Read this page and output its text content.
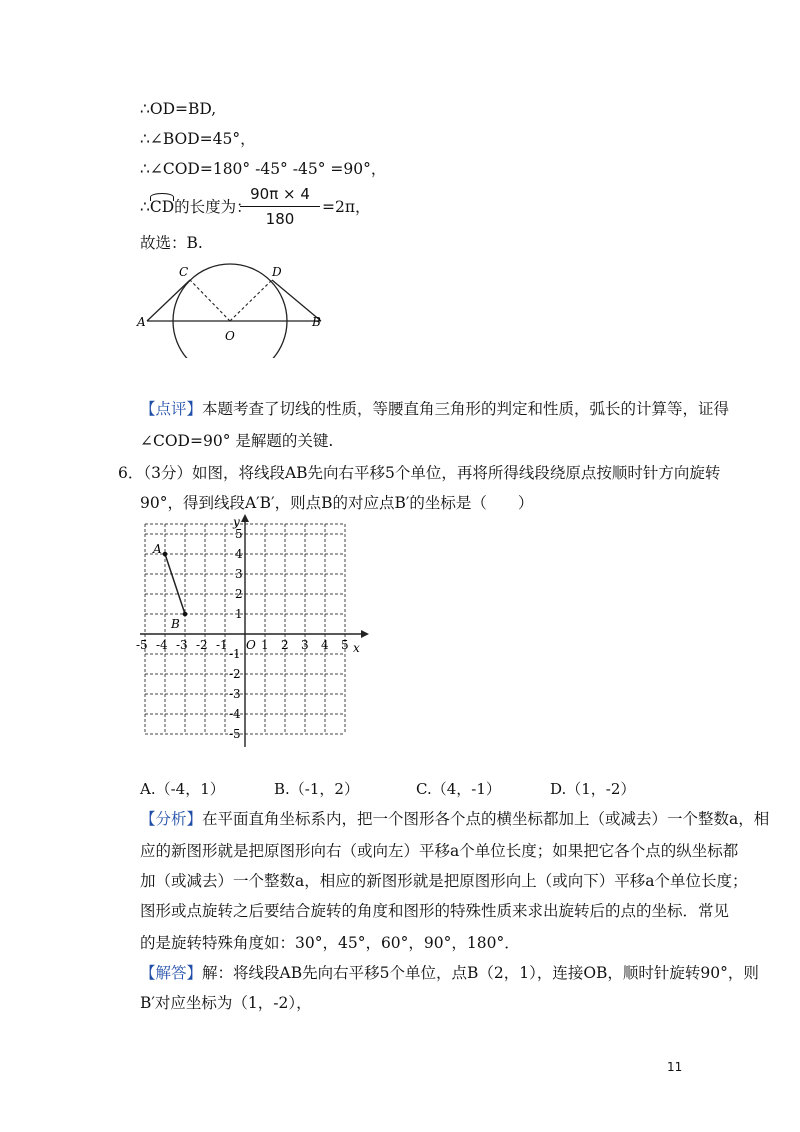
∴OD=BD,
∴∠BOD=45°，
∴∠COD=180° -45° -45° =90°，
∴CD的长度为：
90π × 4
180
=2π，
故选：B.
A	B
C	D
O
【点评】本题考查了切线的性质，等腰直角三角形的判定和性质，弧长的计算等，证得
∠COD=90° 是解题的关键.
6．（3分）如图，将线段AB先向右平移5个单位，再将所得线段绕原点按顺时针方向旋转
90°，得到线段A′B′，则点B的对应点B′的坐标是（　　）
-5 -4 -3 -2 -1 O 1 2 3 4 5
1
2
3
4
5
-1
-2
-3
-4
-5
x
y
A
B
A.（-4，1）	B.（-1，2）	C.（4，-1）	D.（1，-2）
【分析】在平面直角坐标系内，把一个图形各个点的横坐标都加上（或减去）一个整数a，相
应的新图形就是把原图形向右（或向左）平移a个单位长度；如果把它各个点的纵坐标都
加（或减去）一个整数a，相应的新图形就是把原图形向上（或向下）平移a个单位长度；
图形或点旋转之后要结合旋转的角度和图形的特殊性质来求出旋转后的点的坐标．常见
的是旋转特殊角度如：30°，45°，60°，90°，180°．
【解答】解：将线段AB先向右平移5个单位，点B（2，1），连接OB，顺时针旋转90°，则
B′对应坐标为（1，-2），
11
